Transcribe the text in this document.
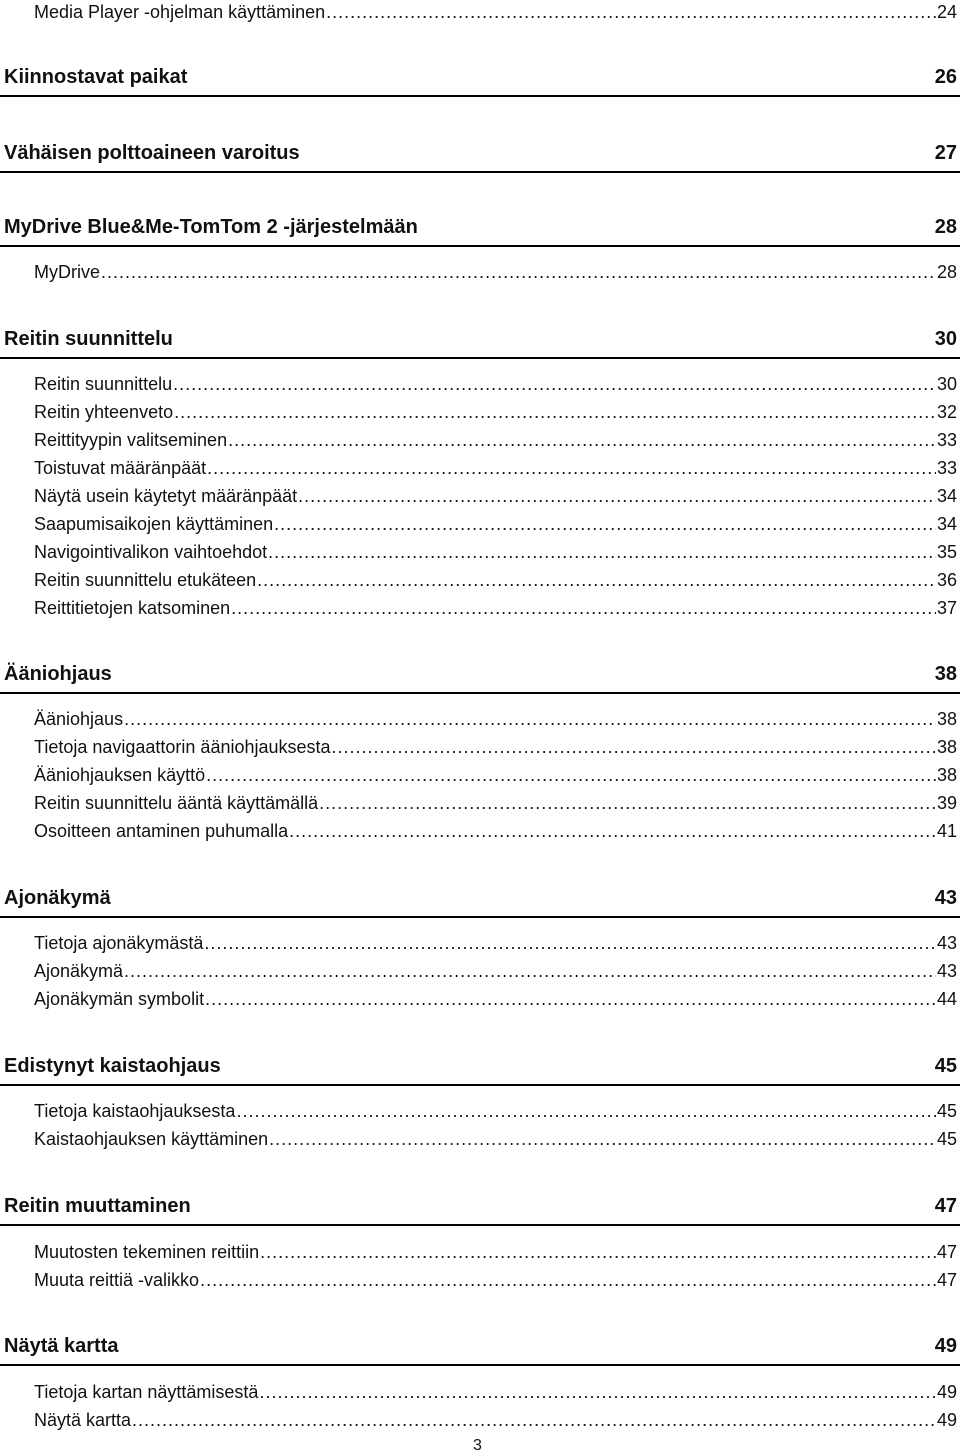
Media Player -ohjelman käyttäminen .....	24
Kiinnostavat paikat	26
Vähäisen polttoaineen varoitus	27
MyDrive Blue&Me-TomTom 2 -järjestelmään	28
MyDrive .....	28
Reitin suunnittelu	30
Reitin suunnittelu .....	30
Reitin yhteenveto .....	32
Reittityypin valitseminen .....	33
Toistuvat määränpäät .....	33
Näytä usein käytetyt määränpäät .....	34
Saapumisaikojen käyttäminen .....	34
Navigointivalikon vaihtoehdot .....	35
Reitin suunnittelu etukäteen .....	36
Reittitietojen katsominen .....	37
Ääniohjaus	38
Ääniohjaus .....	38
Tietoja navigaattorin ääniohjauksesta .....	38
Ääniohjauksen käyttö .....	38
Reitin suunnittelu ääntä käyttämällä .....	39
Osoitteen antaminen puhumalla .....	41
Ajonäkymä	43
Tietoja ajonäkymästä .....	43
Ajonäkymä .....	43
Ajonäkymän symbolit .....	44
Edistynyt kaistaohjaus	45
Tietoja kaistaohjauksesta .....	45
Kaistaohjauksen käyttäminen .....	45
Reitin muuttaminen	47
Muutosten tekeminen reittiin .....	47
Muuta reittiä -valikko .....	47
Näytä kartta	49
Tietoja kartan näyttämisestä .....	49
Näytä kartta .....	49
3
